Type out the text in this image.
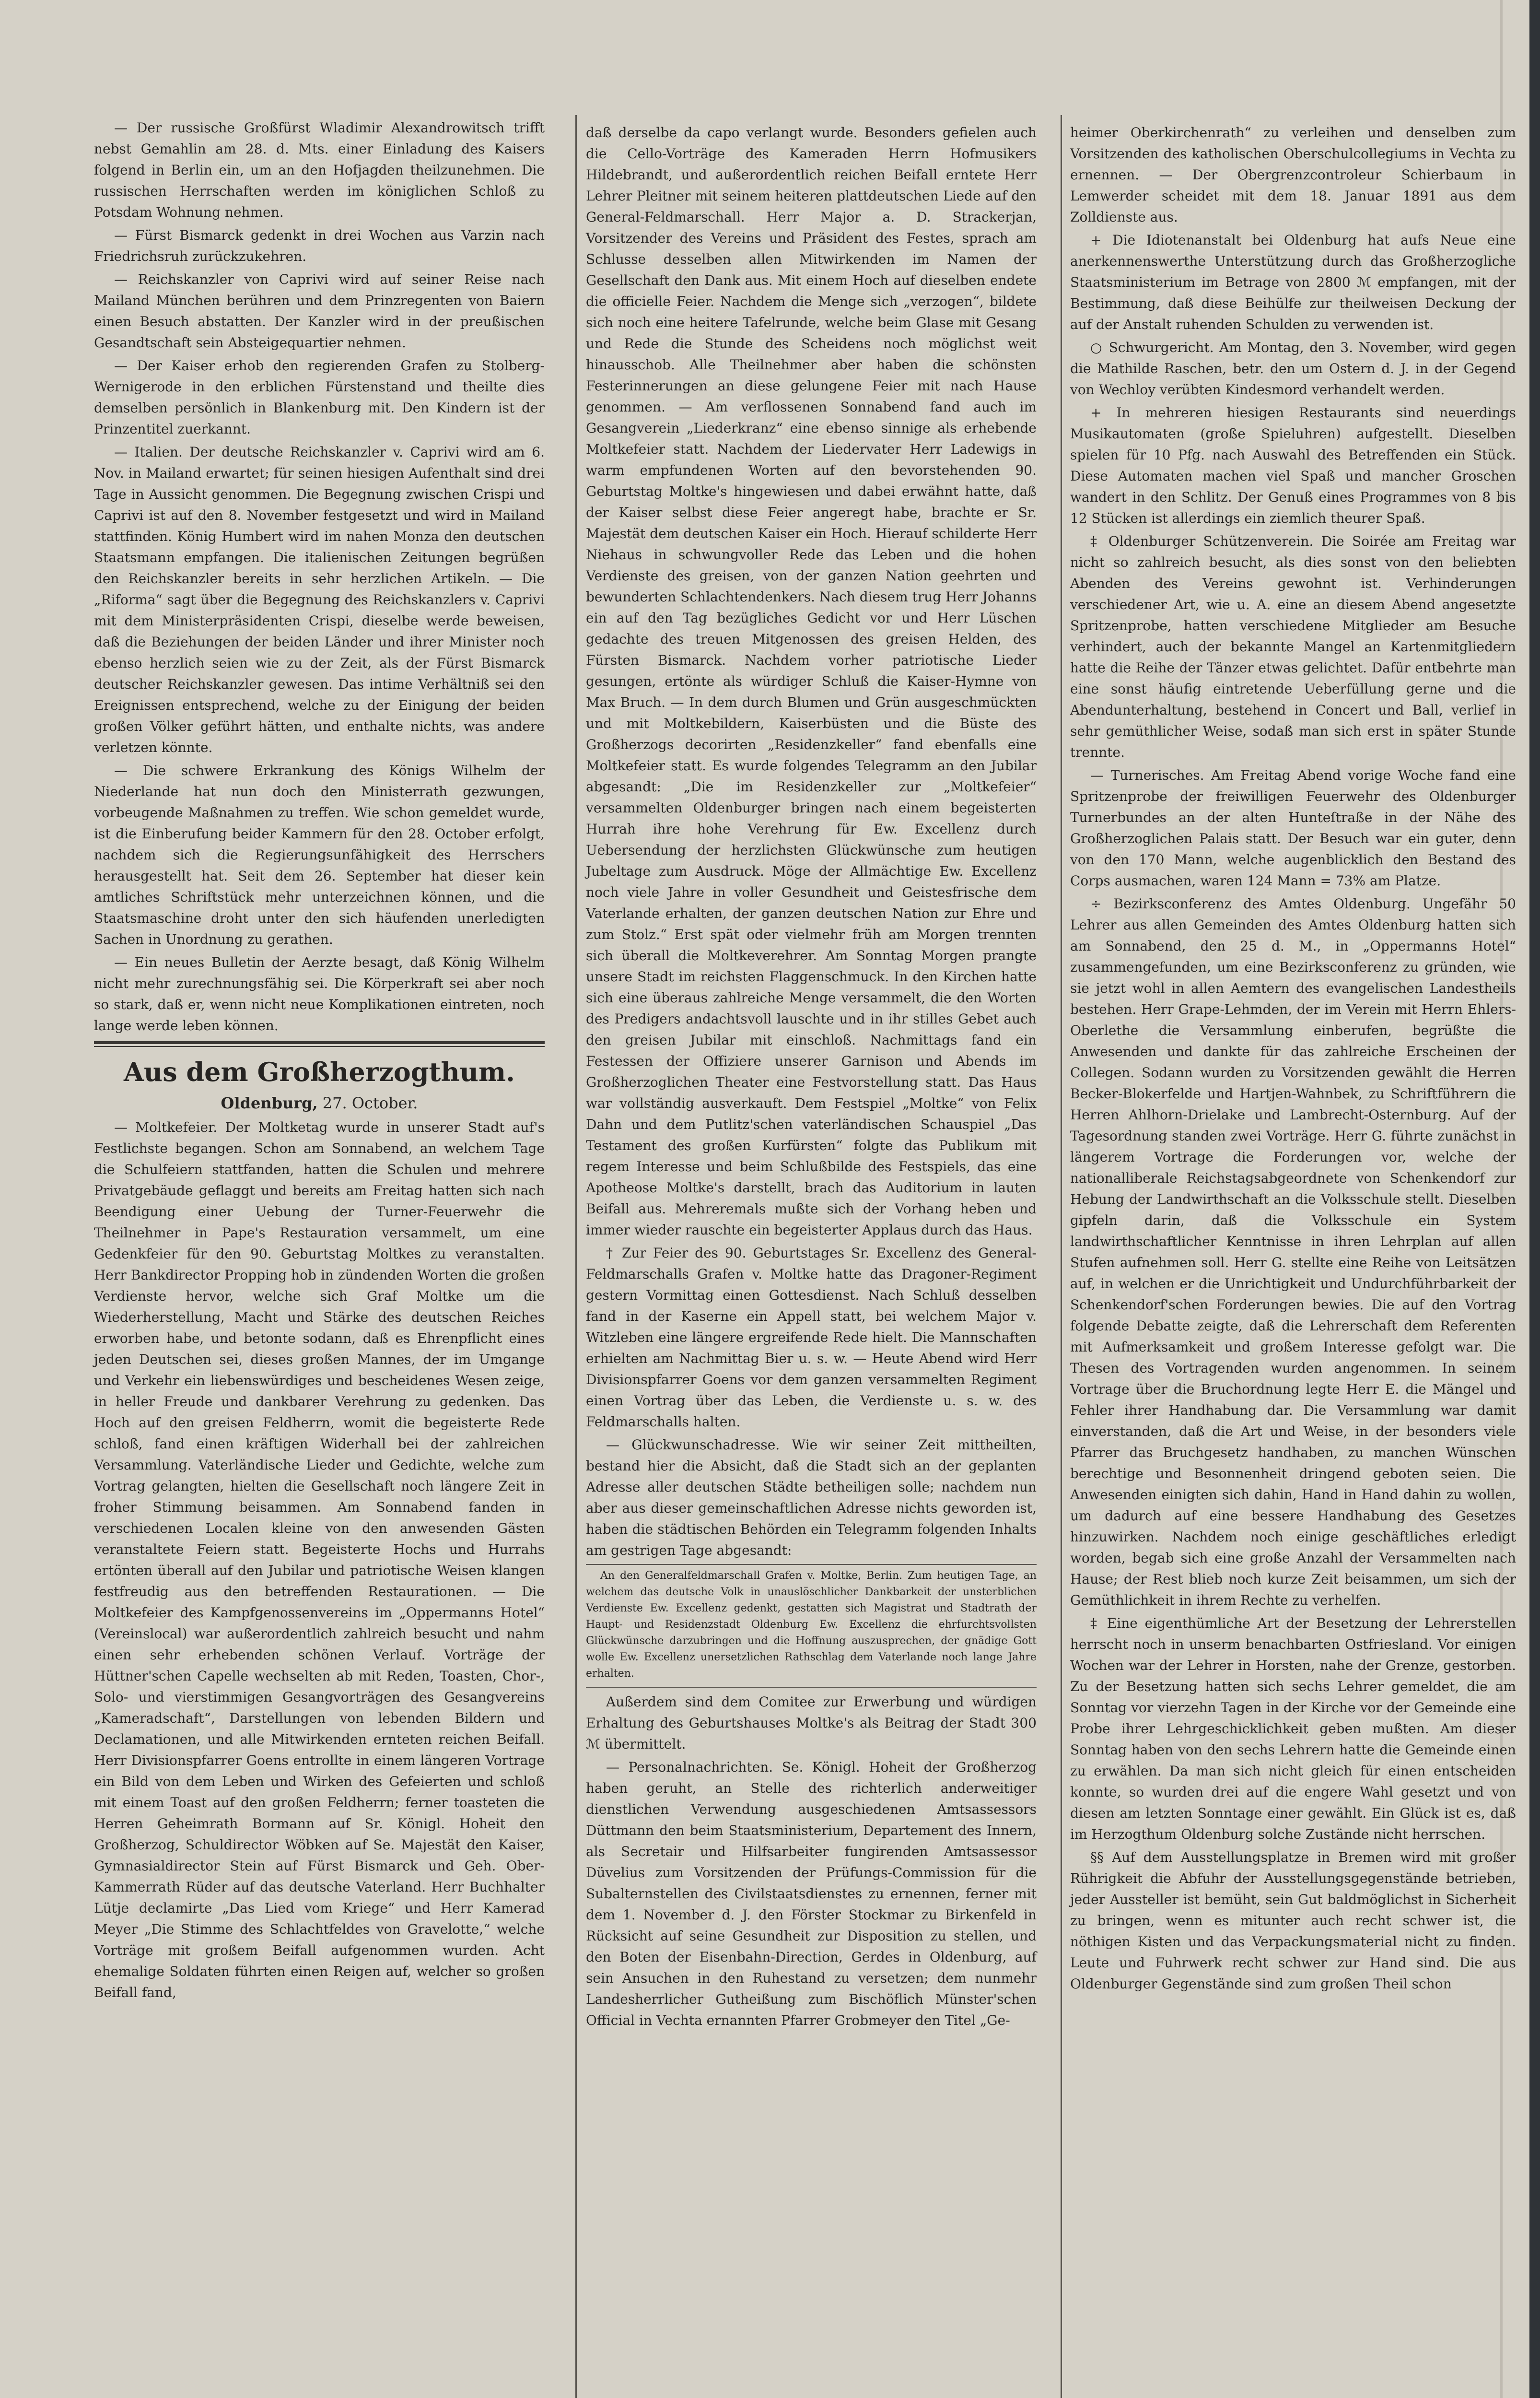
— Der russische Großfürst Wladimir Alexandrowitsch trifft nebst Gemahlin am 28. d. Mts. einer Einladung des Kaisers folgend in Berlin ein, um an den Hofjagden theilzunehmen. Die russischen Herrschaften werden im königlichen Schloß zu Potsdam Wohnung nehmen.

— Fürst Bismarck gedenkt in drei Wochen aus Varzin nach Friedrichsruh zurückzukehren.

— Reichskanzler von Caprivi wird auf seiner Reise nach Mailand München berühren und dem Prinzregenten von Baiern einen Besuch abstatten. Der Kanzler wird in der preußischen Gesandtschaft sein Absteigequartier nehmen.

— Der Kaiser erhob den regierenden Grafen zu Stolberg-Wernigerode in den erblichen Fürstenstand und theilte dies demselben persönlich in Blankenburg mit. Den Kindern ist der Prinzentitel zuerkannt.

— Italien. Der deutsche Reichskanzler v. Caprivi wird am 6. Nov. in Mailand erwartet; für seinen hiesigen Aufenthalt sind drei Tage in Aussicht genommen. Die Begegnung zwischen Crispi und Caprivi ist auf den 8. November festgesetzt und wird in Mailand stattfinden. König Humbert wird im nahen Monza den deutschen Staatsmann empfangen. Die italienischen Zeitungen begrüßen den Reichskanzler bereits in sehr herzlichen Artikeln. — Die „Riforma“ sagt über die Begegnung des Reichskanzlers v. Caprivi mit dem Ministerpräsidenten Crispi, dieselbe werde beweisen, daß die Beziehungen der beiden Länder und ihrer Minister noch ebenso herzlich seien wie zu der Zeit, als der Fürst Bismarck deutscher Reichskanzler gewesen. Das intime Verhältniß sei den Ereignissen entsprechend, welche zu der Einigung der beiden großen Völker geführt hätten, und enthalte nichts, was andere verletzen könnte.

— Die schwere Erkrankung des Königs Wilhelm der Niederlande hat nun doch den Ministerrath gezwungen, vorbeugende Maßnahmen zu treffen. Wie schon gemeldet wurde, ist die Einberufung beider Kammern für den 28. October erfolgt, nachdem sich die Regierungsunfähigkeit des Herrschers herausgestellt hat. Seit dem 26. September hat dieser kein amtliches Schriftstück mehr unterzeichnen können, und die Staatsmaschine droht unter den sich häufenden unerledigten Sachen in Unordnung zu gerathen.

— Ein neues Bulletin der Aerzte besagt, daß König Wilhelm nicht mehr zurechnungsfähig sei. Die Körperkraft sei aber noch so stark, daß er, wenn nicht neue Komplikationen eintreten, noch lange werde leben können.

Aus dem Großherzogthum.
Oldenburg, 27. October.

— Moltkefeier. Der Moltketag wurde in unserer Stadt auf's Festlichste begangen. Schon am Sonnabend, an welchem Tage die Schulfeiern stattfanden, hatten die Schulen und mehrere Privatgebäude geflaggt und bereits am Freitag hatten sich nach Beendigung einer Uebung der Turner-Feuerwehr die Theilnehmer in Pape's Restauration versammelt, um eine Gedenkfeier für den 90. Geburtstag Moltkes zu veranstalten. Herr Bankdirector Propping hob in zündenden Worten die großen Verdienste hervor, welche sich Graf Moltke um die Wiederherstellung, Macht und Stärke des deutschen Reiches erworben habe, und betonte sodann, daß es Ehrenpflicht eines jeden Deutschen sei, dieses großen Mannes, der im Umgange und Verkehr ein liebenswürdiges und bescheidenes Wesen zeige, in heller Freude und dankbarer Verehrung zu gedenken. Das Hoch auf den greisen Feldherrn, womit die begeisterte Rede schloß, fand einen kräftigen Widerhall bei der zahlreichen Versammlung. Vaterländische Lieder und Gedichte, welche zum Vortrag gelangten, hielten die Gesellschaft noch längere Zeit in froher Stimmung beisammen. Am Sonnabend fanden in verschiedenen Localen kleine von den anwesenden Gästen veranstaltete Feiern statt. Begeisterte Hochs und Hurrahs ertönten überall auf den Jubilar und patriotische Weisen klangen festfreudig aus den betreffenden Restaurationen. — Die Moltkefeier des Kampfgenossenvereins im „Oppermanns Hotel“ (Vereinslocal) war außerordentlich zahlreich besucht und nahm einen sehr erhebenden schönen Verlauf. Vorträge der Hüttner'schen Capelle wechselten ab mit Reden, Toasten, Chor-, Solo- und vierstimmigen Gesangvorträgen des Gesangvereins „Kameradschaft“, Darstellungen von lebenden Bildern und Declamationen, und alle Mitwirkenden ernteten reichen Beifall. Herr Divisionspfarrer Goens entrollte in einem längeren Vortrage ein Bild von dem Leben und Wirken des Gefeierten und schloß mit einem Toast auf den großen Feldherrn; ferner toasteten die Herren Geheimrath Bormann auf Sr. Königl. Hoheit den Großherzog, Schuldirector Wöbken auf Se. Majestät den Kaiser, Gymnasialdirector Stein auf Fürst Bismarck und Geh. Ober-Kammerrath Rüder auf das deutsche Vaterland. Herr Buchhalter Lütje declamirte „Das Lied vom Kriege“ und Herr Kamerad Meyer „Die Stimme des Schlachtfeldes von Gravelotte,“ welche Vorträge mit großem Beifall aufgenommen wurden. Acht ehemalige Soldaten führten einen Reigen auf, welcher so großen Beifall fand,

daß derselbe da capo verlangt wurde. Besonders gefielen auch die Cello-Vorträge des Kameraden Herrn Hofmusikers Hildebrandt, und außerordentlich reichen Beifall erntete Herr Lehrer Pleitner mit seinem heiteren plattdeutschen Liede auf den General-Feldmarschall. Herr Major a. D. Strackerjan, Vorsitzender des Vereins und Präsident des Festes, sprach am Schlusse desselben allen Mitwirkenden im Namen der Gesellschaft den Dank aus. Mit einem Hoch auf dieselben endete die officielle Feier. Nachdem die Menge sich „verzogen“, bildete sich noch eine heitere Tafelrunde, welche beim Glase mit Gesang und Rede die Stunde des Scheidens noch möglichst weit hinausschob. Alle Theilnehmer aber haben die schönsten Festerinnerungen an diese gelungene Feier mit nach Hause genommen. — Am verflossenen Sonnabend fand auch im Gesangverein „Liederkranz“ eine ebenso sinnige als erhebende Moltkefeier statt. Nachdem der Liedervater Herr Ladewigs in warm empfundenen Worten auf den bevorstehenden 90. Geburtstag Moltke's hingewiesen und dabei erwähnt hatte, daß der Kaiser selbst diese Feier angeregt habe, brachte er Sr. Majestät dem deutschen Kaiser ein Hoch. Hierauf schilderte Herr Niehaus in schwungvoller Rede das Leben und die hohen Verdienste des greisen, von der ganzen Nation geehrten und bewunderten Schlachtendenkers. Nach diesem trug Herr Johanns ein auf den Tag bezügliches Gedicht vor und Herr Lüschen gedachte des treuen Mitgenossen des greisen Helden, des Fürsten Bismarck. Nachdem vorher patriotische Lieder gesungen, ertönte als würdiger Schluß die Kaiser-Hymne von Max Bruch. — In dem durch Blumen und Grün ausgeschmückten und mit Moltkebildern, Kaiserbüsten und die Büste des Großherzogs decorirten „Residenzkeller“ fand ebenfalls eine Moltkefeier statt. Es wurde folgendes Telegramm an den Jubilar abgesandt: „Die im Residenzkeller zur „Moltkefeier“ versammelten Oldenburger bringen nach einem begeisterten Hurrah ihre hohe Verehrung für Ew. Excellenz durch Uebersendung der herzlichsten Glückwünsche zum heutigen Jubeltage zum Ausdruck. Möge der Allmächtige Ew. Excellenz noch viele Jahre in voller Gesundheit und Geistesfrische dem Vaterlande erhalten, der ganzen deutschen Nation zur Ehre und zum Stolz.“ Erst spät oder vielmehr früh am Morgen trennten sich überall die Moltkeverehrer. Am Sonntag Morgen prangte unsere Stadt im reichsten Flaggenschmuck. In den Kirchen hatte sich eine überaus zahlreiche Menge versammelt, die den Worten des Predigers andachtsvoll lauschte und in ihr stilles Gebet auch den greisen Jubilar mit einschloß. Nachmittags fand ein Festessen der Offiziere unserer Garnison und Abends im Großherzoglichen Theater eine Festvorstellung statt. Das Haus war vollständig ausverkauft. Dem Festspiel „Moltke“ von Felix Dahn und dem Putlitz'schen vaterländischen Schauspiel „Das Testament des großen Kurfürsten“ folgte das Publikum mit regem Interesse und beim Schlußbilde des Festspiels, das eine Apotheose Moltke's darstellt, brach das Auditorium in lauten Beifall aus. Mehreremals mußte sich der Vorhang heben und immer wieder rauschte ein begeisterter Applaus durch das Haus.

† Zur Feier des 90. Geburtstages Sr. Excellenz des General-Feldmarschalls Grafen v. Moltke hatte das Dragoner-Regiment gestern Vormittag einen Gottesdienst. Nach Schluß desselben fand in der Kaserne ein Appell statt, bei welchem Major v. Witzleben eine längere ergreifende Rede hielt. Die Mannschaften erhielten am Nachmittag Bier u. s. w. — Heute Abend wird Herr Divisionspfarrer Goens vor dem ganzen versammelten Regiment einen Vortrag über das Leben, die Verdienste u. s. w. des Feldmarschalls halten.

— Glückwunschadresse. Wie wir seiner Zeit mittheilten, bestand hier die Absicht, daß die Stadt sich an der geplanten Adresse aller deutschen Städte betheiligen solle; nachdem nun aber aus dieser gemeinschaftlichen Adresse nichts geworden ist, haben die städtischen Behörden ein Telegramm folgenden Inhalts am gestrigen Tage abgesandt:

An den Generalfeldmarschall Grafen v. Moltke, Berlin. Zum heutigen Tage, an welchem das deutsche Volk in unauslöschlicher Dankbarkeit der unsterblichen Verdienste Ew. Excellenz gedenkt, gestatten sich Magistrat und Stadtrath der Haupt- und Residenzstadt Oldenburg Ew. Excellenz die ehrfurchtsvollsten Glückwünsche darzubringen und die Hoffnung auszusprechen, der gnädige Gott wolle Ew. Excellenz unersetzlichen Rathschlag dem Vaterlande noch lange Jahre erhalten.

Außerdem sind dem Comitee zur Erwerbung und würdigen Erhaltung des Geburtshauses Moltke's als Beitrag der Stadt 300 ℳ übermittelt.

— Personalnachrichten. Se. Königl. Hoheit der Großherzog haben geruht, an Stelle des richterlich anderweitiger dienstlichen Verwendung ausgeschiedenen Amtsassessors Düttmann den beim Staatsministerium, Departement des Innern, als Secretair und Hilfsarbeiter fungirenden Amtsassessor Düvelius zum Vorsitzenden der Prüfungs-Commission für die Subalternstellen des Civilstaatsdienstes zu ernennen, ferner mit dem 1. November d. J. den Förster Stockmar zu Birkenfeld in Rücksicht auf seine Gesundheit zur Disposition zu stellen, und den Boten der Eisenbahn-Direction, Gerdes in Oldenburg, auf sein Ansuchen in den Ruhestand zu versetzen; dem nunmehr Landesherrlicher Gutheißung zum Bischöflich Münster'schen Official in Vechta ernannten Pfarrer Grobmeyer den Titel „Ge-

heimer Oberkirchenrath“ zu verleihen und denselben zum Vorsitzenden des katholischen Oberschulcollegiums in Vechta zu ernennen. — Der Obergrenzcontroleur Schierbaum in Lemwerder scheidet mit dem 18. Januar 1891 aus dem Zolldienste aus.

+ Die Idiotenanstalt bei Oldenburg hat aufs Neue eine anerkennenswerthe Unterstützung durch das Großherzogliche Staatsministerium im Betrage von 2800 ℳ empfangen, mit der Bestimmung, daß diese Beihülfe zur theilweisen Deckung der auf der Anstalt ruhenden Schulden zu verwenden ist.

○ Schwurgericht. Am Montag, den 3. November, wird gegen die Mathilde Raschen, betr. den um Ostern d. J. in der Gegend von Wechloy verübten Kindesmord verhandelt werden.

+ In mehreren hiesigen Restaurants sind neuerdings Musikautomaten (große Spieluhren) aufgestellt. Dieselben spielen für 10 Pfg. nach Auswahl des Betreffenden ein Stück. Diese Automaten machen viel Spaß und mancher Groschen wandert in den Schlitz. Der Genuß eines Programmes von 8 bis 12 Stücken ist allerdings ein ziemlich theurer Spaß.

‡ Oldenburger Schützenverein. Die Soirée am Freitag war nicht so zahlreich besucht, als dies sonst von den beliebten Abenden des Vereins gewohnt ist. Verhinderungen verschiedener Art, wie u. A. eine an diesem Abend angesetzte Spritzenprobe, hatten verschiedene Mitglieder am Besuche verhindert, auch der bekannte Mangel an Kartenmitgliedern hatte die Reihe der Tänzer etwas gelichtet. Dafür entbehrte man eine sonst häufig eintretende Ueberfüllung gerne und die Abendunterhaltung, bestehend in Concert und Ball, verlief in sehr gemüthlicher Weise, sodaß man sich erst in später Stunde trennte.

— Turnerisches. Am Freitag Abend vorige Woche fand eine Spritzenprobe der freiwilligen Feuerwehr des Oldenburger Turnerbundes an der alten Hunteſtraße in der Nähe des Großherzoglichen Palais statt. Der Besuch war ein guter, denn von den 170 Mann, welche augenblicklich den Bestand des Corps ausmachen, waren 124 Mann = 73% am Platze.

÷ Bezirksconferenz des Amtes Oldenburg. Ungefähr 50 Lehrer aus allen Gemeinden des Amtes Oldenburg hatten sich am Sonnabend, den 25 d. M., in „Oppermanns Hotel“ zusammengefunden, um eine Bezirksconferenz zu gründen, wie sie jetzt wohl in allen Aemtern des evangelischen Landestheils bestehen. Herr Grape-Lehmden, der im Verein mit Herrn Ehlers-Oberlethe die Versammlung einberufen, begrüßte die Anwesenden und dankte für das zahlreiche Erscheinen der Collegen. Sodann wurden zu Vorsitzenden gewählt die Herren Becker-Blokerfelde und Hartjen-Wahnbek, zu Schriftführern die Herren Ahlhorn-Drielake und Lambrecht-Osternburg. Auf der Tagesordnung standen zwei Vorträge. Herr G. führte zunächst in längerem Vortrage die Forderungen vor, welche der nationalliberale Reichstagsabgeordnete von Schenkendorf zur Hebung der Landwirthschaft an die Volksschule stellt. Dieselben gipfeln darin, daß die Volksschule ein System landwirthschaftlicher Kenntnisse in ihren Lehrplan auf allen Stufen aufnehmen soll. Herr G. stellte eine Reihe von Leitsätzen auf, in welchen er die Unrichtigkeit und Undurchführbarkeit der Schenkendorf'schen Forderungen bewies. Die auf den Vortrag folgende Debatte zeigte, daß die Lehrerschaft dem Referenten mit Aufmerksamkeit und großem Interesse gefolgt war. Die Thesen des Vortragenden wurden angenommen. In seinem Vortrage über die Bruchordnung legte Herr E. die Mängel und Fehler ihrer Handhabung dar. Die Versammlung war damit einverstanden, daß die Art und Weise, in der besonders viele Pfarrer das Bruchgesetz handhaben, zu manchen Wünschen berechtige und Besonnenheit dringend geboten seien. Die Anwesenden einigten sich dahin, Hand in Hand dahin zu wollen, um dadurch auf eine bessere Handhabung des Gesetzes hinzuwirken. Nachdem noch einige geschäftliches erledigt worden, begab sich eine große Anzahl der Versammelten nach Hause; der Rest blieb noch kurze Zeit beisammen, um sich der Gemüthlichkeit in ihrem Rechte zu verhelfen.

‡ Eine eigenthümliche Art der Besetzung der Lehrerstellen herrscht noch in unserm benachbarten Ostfriesland. Vor einigen Wochen war der Lehrer in Horsten, nahe der Grenze, gestorben. Zu der Besetzung hatten sich sechs Lehrer gemeldet, die am Sonntag vor vierzehn Tagen in der Kirche vor der Gemeinde eine Probe ihrer Lehrgeschicklichkeit geben mußten. Am dieser Sonntag haben von den sechs Lehrern hatte die Gemeinde einen zu erwählen. Da man sich nicht gleich für einen entscheiden konnte, so wurden drei auf die engere Wahl gesetzt und von diesen am letzten Sonntage einer gewählt. Ein Glück ist es, daß im Herzogthum Oldenburg solche Zustände nicht herrschen.

§§ Auf dem Ausstellungsplatze in Bremen wird mit großer Rührigkeit die Abfuhr der Ausstellungsgegenstände betrieben, jeder Aussteller ist bemüht, sein Gut baldmöglichst in Sicherheit zu bringen, wenn es mitunter auch recht schwer ist, die nöthigen Kisten und das Verpackungsmaterial nicht zu finden. Leute und Fuhrwerk recht schwer zur Hand sind. Die aus Oldenburger Gegenstände sind zum großen Theil schon
